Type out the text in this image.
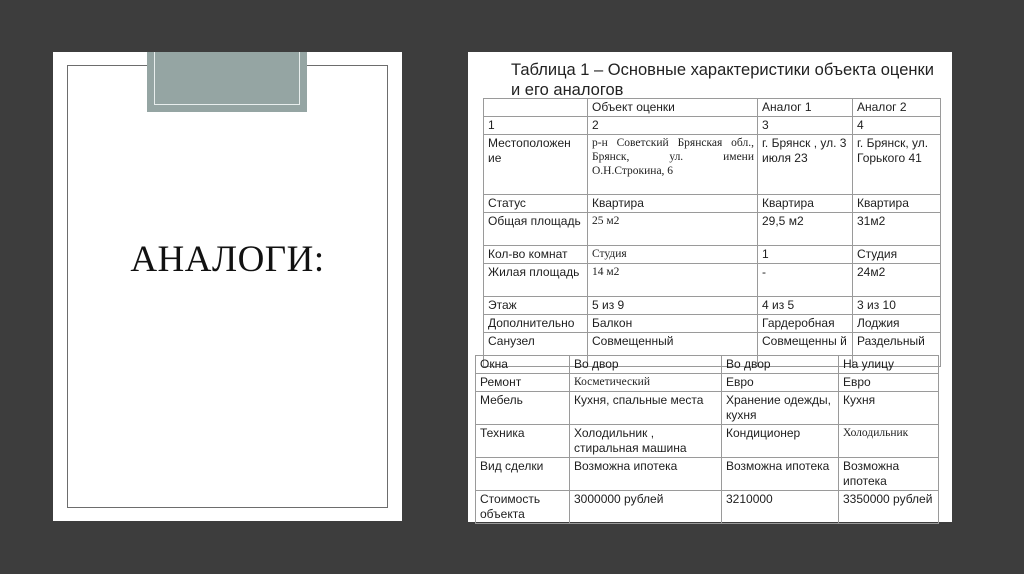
АНАЛОГИ:
Таблица 1 – Основные характеристики объекта оценки и его аналогов
	Объект оценки	Аналог 1	Аналог 2
1	2	3	4
Местоположен ие	р-н Советский Брянская обл., Брянск, ул. имени О.Н.Строкина, 6	г. Брянск , ул. 3 июля 23	г. Брянск, ул. Горького 41
Статус	Квартира	Квартира	Квартира
Общая площадь	25 м2	29,5 м2	31м2
Кол-во комнат	Студия	1	Студия
Жилая площадь	14 м2	-	24м2
Этаж	5 из 9	4 из 5	3 из 10
Дополнительно	Балкон	Гардеробная	Лоджия
Санузел	Совмещенный	Совмещенны й	Раздельный
Окна	Во двор	Во двор	На улицу
Ремонт	Косметический	Евро	Евро
Мебель	Кухня, спальные места	Хранение одежды, кухня	Кухня
Техника	Холодильник , стиральная машина	Кондиционер	Холодильник
Вид сделки	Возможна ипотека	Возможна ипотека	Возможна ипотека
Стоимость объекта	3000000 рублей	3210000	3350000 рублей
